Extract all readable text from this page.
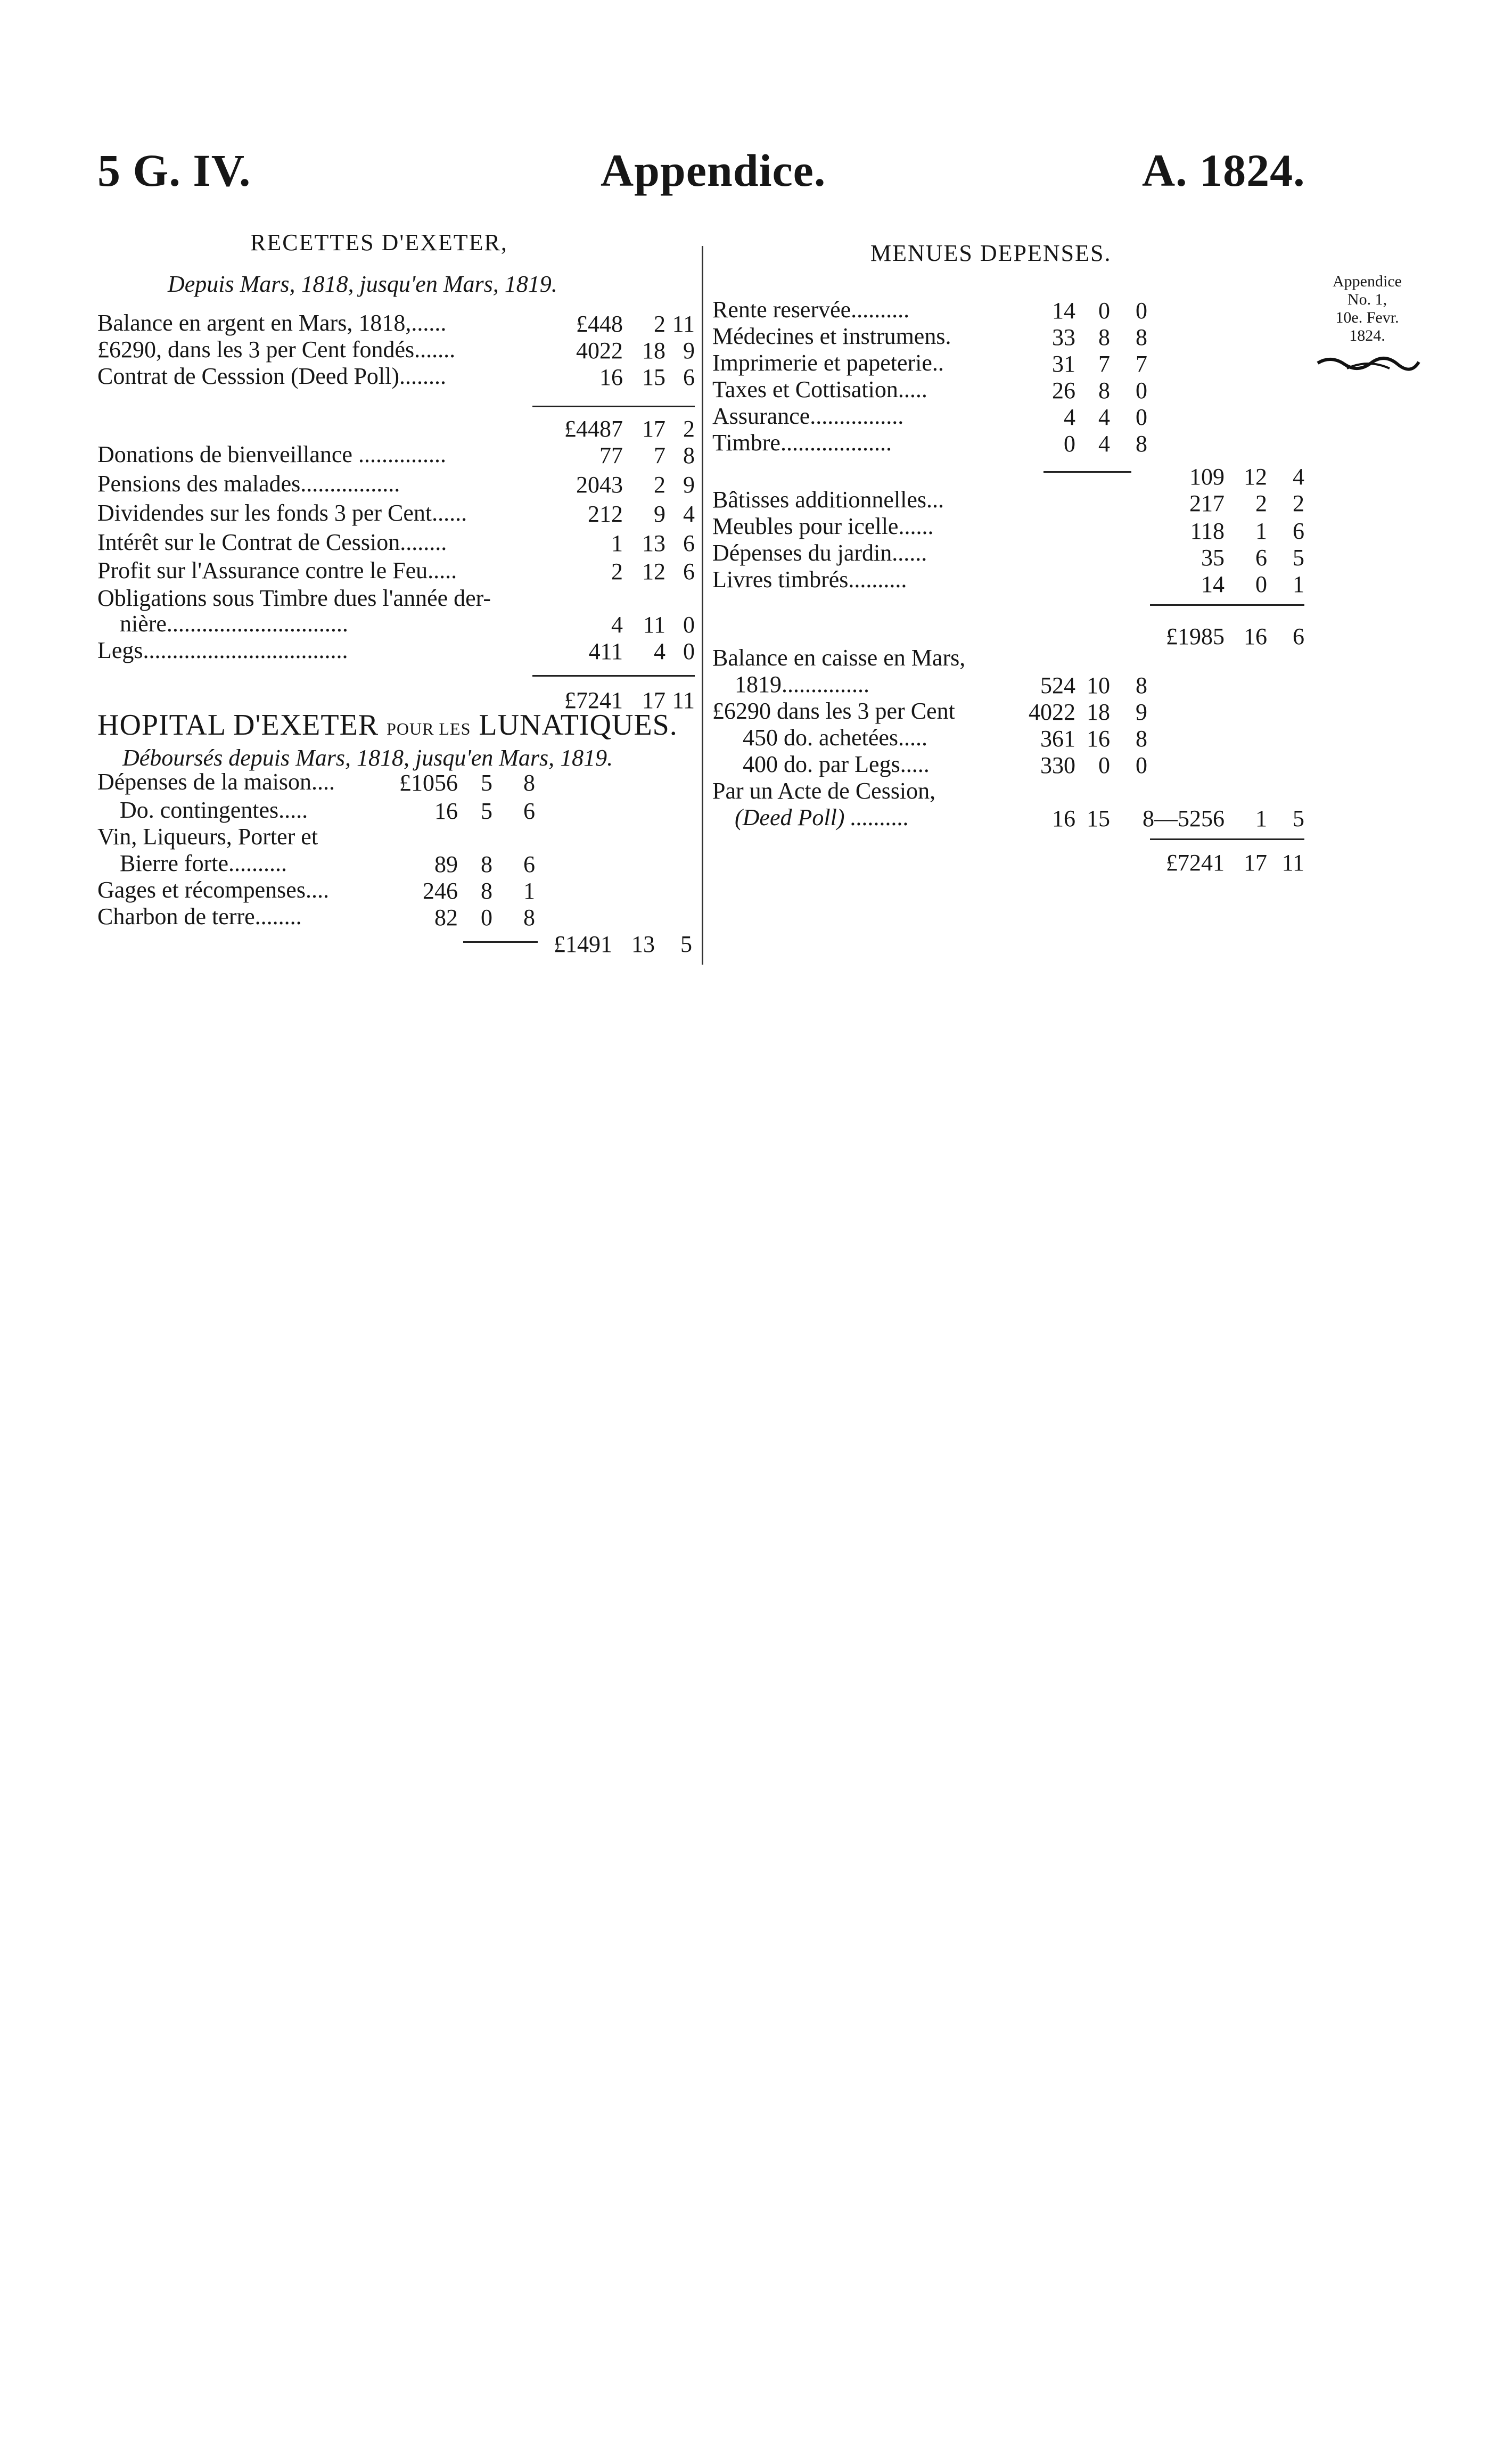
5 G. IV.	Appendice.	A. 1824.
Appendice
No. 1,
10e. Fevr.
1824.
RECETTES D'EXETER,
Depuis Mars, 1818, jusqu'en Mars, 1819.
Balance en argent en Mars, 1818,......	£448	2 11
£6290, dans les 3 per Cent fondés.......	4022 18 9
Contrat de Cesssion (Deed Poll)........	16 15 6
£4487 17 2
Donations de bienveillance ...............	77	7 8
Pensions des malades.................	2043	2 9
Dividendes sur les fonds 3 per Cent......	212	9 4
Intérêt sur le Contrat de Cession........	1 13 6
Profit sur l'Assurance contre le Feu.....	2 12 6
Obligations sous Timbre dues l'année der-
nière...............................	4 11 0
Legs...................................	411	4 0
£7241 17 11
HOPITAL D'EXETER POUR LES LUNATIQUES.
Déboursés depuis Mars, 1818, jusqu'en Mars, 1819.
Dépenses de la maison....	£1056 5	8
Do. contingentes.....	16 5	6
Vin, Liqueurs, Porter et
Bierre forte..........	89 8	6
Gages et récompenses....	246 8	1
Charbon de terre........	82 0	8
£1491 13	5
MENUES DEPENSES.
Rente reservée..........	14 0	0
Médecines et instrumens.	33 8	8
Imprimerie et papeterie..	31 7	7
Taxes et Cottisation.....	26 8	0
Assurance................	4 4	0
Timbre...................	0 4	8
109 12	4
Bâtisses additionnelles...	217	2	2
Meubles pour icelle......	118	1	6
Dépenses du jardin......	35	6	5
Livres timbrés..........	14	0	1
£1985 16	6
Balance en caisse en Mars,
1819...............	524 10	8
£6290 dans les 3 per Cent	4022 18	9
450 do. achetées.....	361 16	8
400 do. par Legs.....	330 0	0
Par un Acte de Cession,
(Deed Poll) ..........	16 15	8—5256	1	5
£7241 17 11
